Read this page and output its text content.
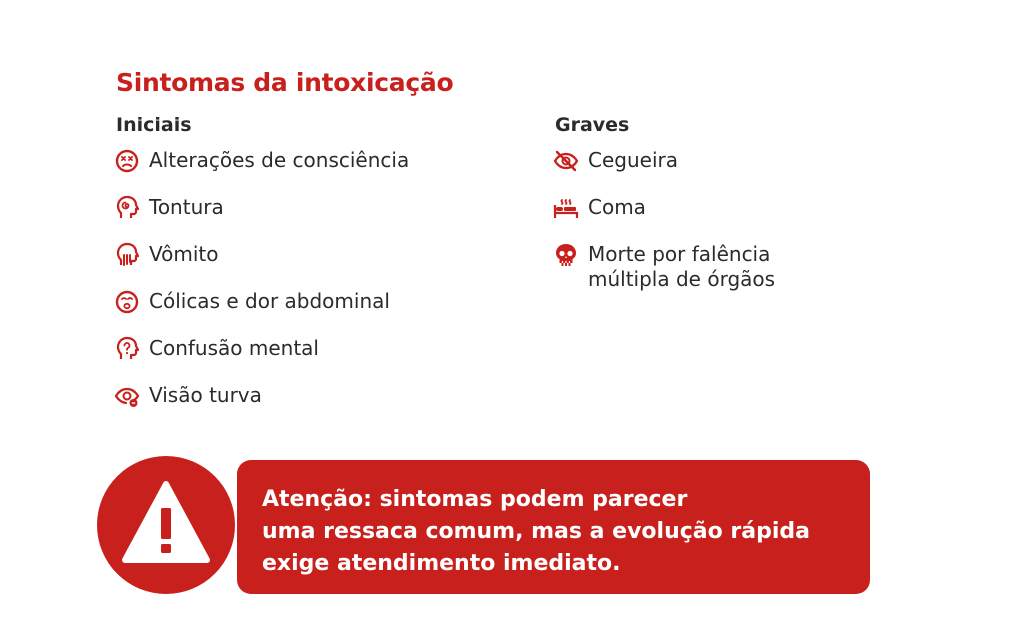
Sintomas da intoxicação
Iniciais
Alterações de consciência
Tontura
Vômito
Cólicas e dor abdominal
Confusão mental
Visão turva
Graves
Cegueira
Coma
Morte por falência
múltipla de órgãos
Atenção: sintomas podem parecer
uma ressaca comum, mas a evolução rápida
exige atendimento imediato.
